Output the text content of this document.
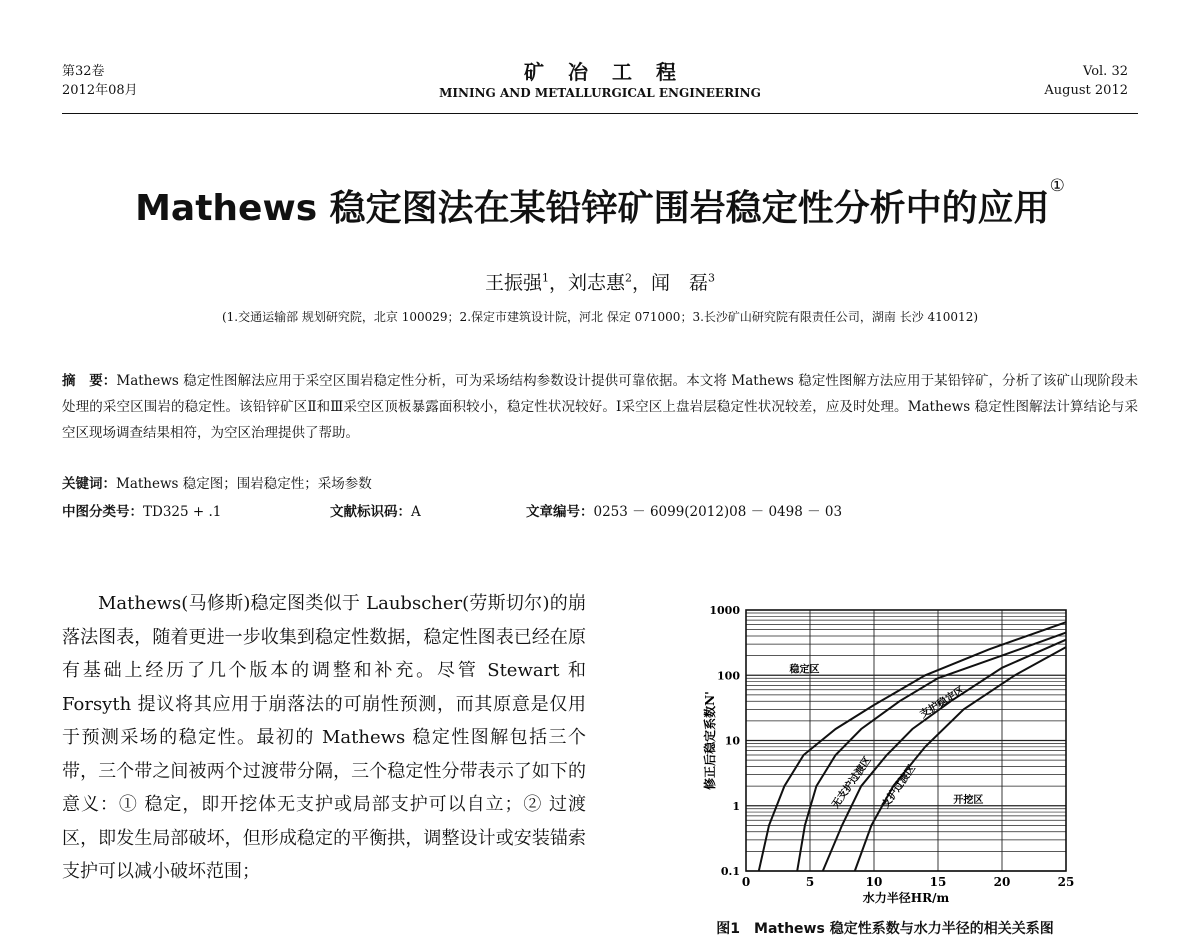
第32卷
2012年08月
矿冶工程
MINING AND METALLURGICAL ENGINEERING
Vol. 32
August 2012
Mathews 稳定图法在某铅锌矿围岩稳定性分析中的应用①
王振强$^1$，刘志惠$^2$，闻　磊$^3$
(1.交通运输部 规划研究院，北京 100029；2.保定市建筑设计院，河北 保定 071000；3.长沙矿山研究院有限责任公司，湖南 长沙 410012)
摘　要：Mathews 稳定性图解法应用于采空区围岩稳定性分析，可为采场结构参数设计提供可靠依据。本文将 Mathews 稳定性图解方法应用于某铅锌矿，分析了该矿山现阶段未处理的采空区围岩的稳定性。该铅锌矿区Ⅱ和Ⅲ采空区顶板暴露面积较小，稳定性状况较好。Ⅰ采空区上盘岩层稳定性状况较差，应及时处理。Mathews 稳定性图解法计算结论与采空区现场调查结果相符，为空区治理提供了帮助。
关键词：Mathews 稳定图；围岩稳定性；采场参数
中图分类号：TD325 + .1	文献标识码：A	文章编号：0253 － 6099(2012)08 － 0498 － 03

Mathews(马修斯)稳定图类似于 Laubscher(劳斯切尔)的崩落法图表，随着更进一步收集到稳定性数据，稳定性图表已经在原有基础上经历了几个版本的调整和补充。尽管 Stewart 和 Forsyth 提议将其应用于崩落法的可崩性预测，而其原意是仅用于预测采场的稳定性。最初的 Mathews 稳定性图解包括三个带，三个带之间被两个过渡带分隔，三个稳定性分带表示了如下的意义：① 稳定，即开挖体无支护或局部支护可以自立；② 过渡区，即发生局部破坏，但形成稳定的平衡拱，调整设计或安装锚索支护可以减小破坏范围；	0.1
1
10
100
1000
0	5	10	15	20	25
水力半径HR/m
修正后稳定系数N'
稳定区
无支护过渡区	开挖区
支护稳定区
支护过渡区
图1　Mathews 稳定性系数与水力半径的相关关系图
